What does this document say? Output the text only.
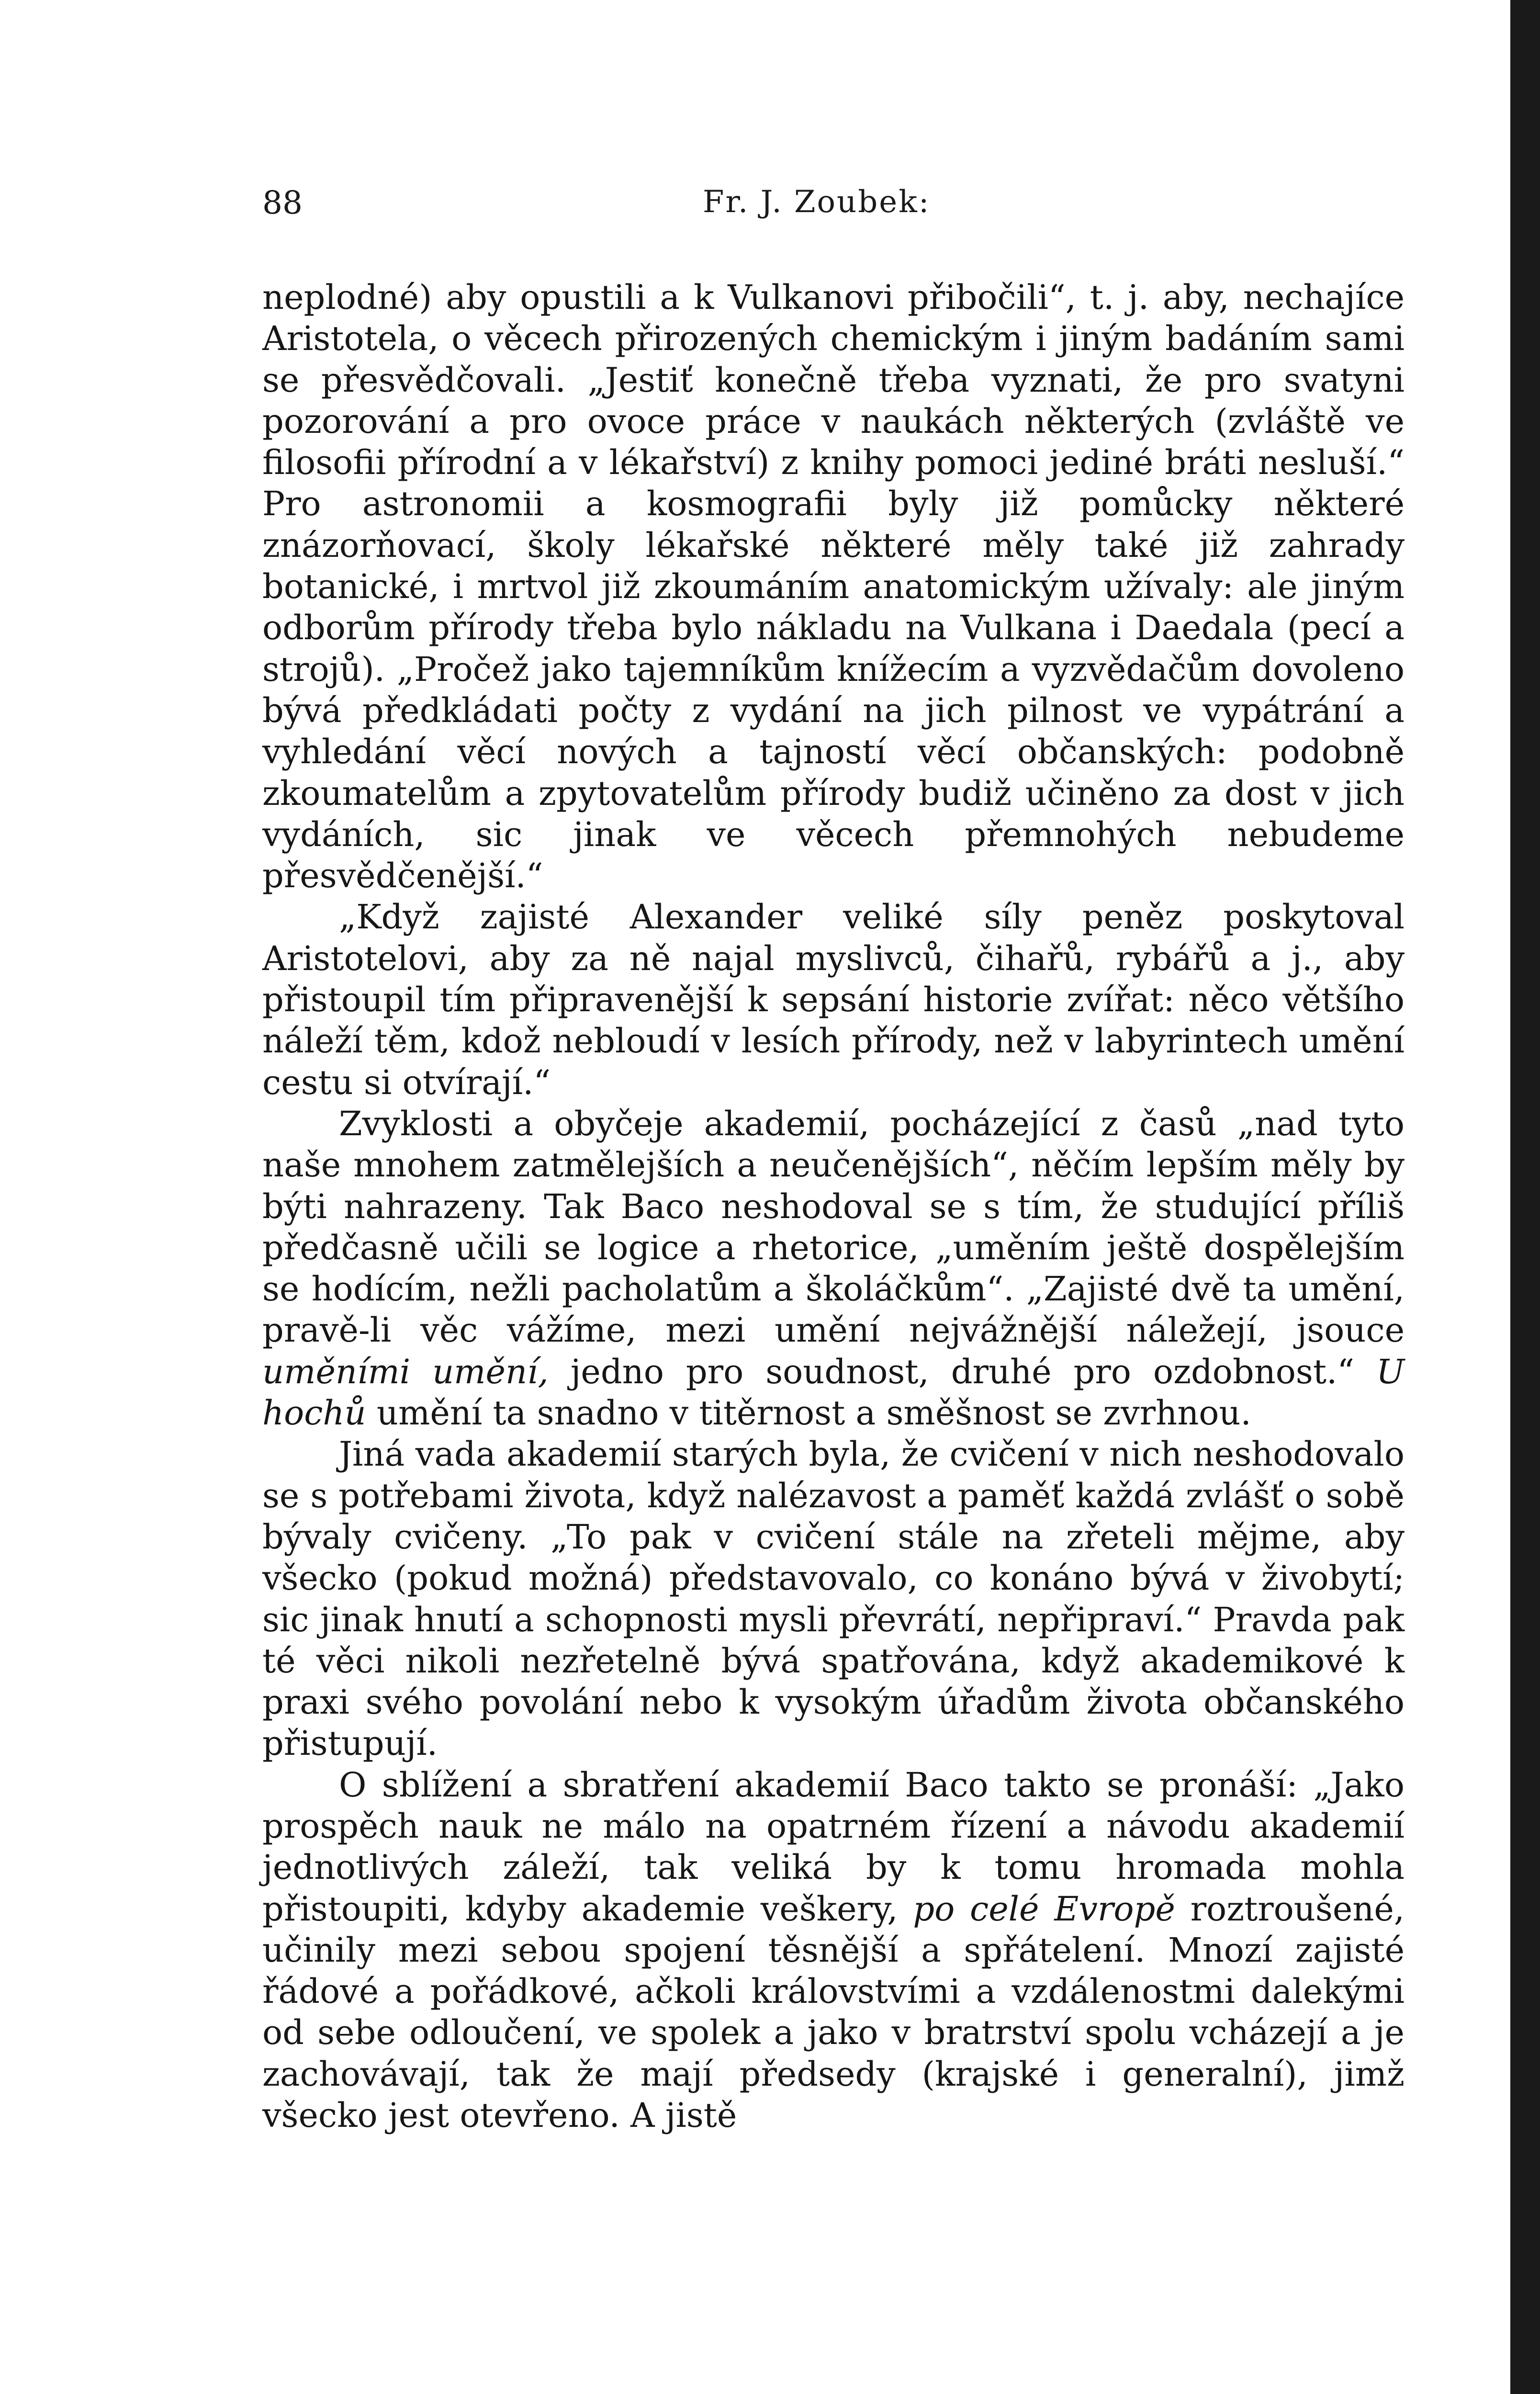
88	Fr. J. Zoubek:

neplodné) aby opustili a k Vulkanovi přibočili“, t. j. aby, nechajíce Aristotela, o věcech přirozených chemickým i jiným badáním sami se přesvědčovali. „Jestiť konečně třeba vyznati, že pro svatyni pozorování a pro ovoce práce v naukách některých (zvláště ve filosofii přírodní a v lékařství) z knihy pomoci jediné bráti nesluší.“ Pro astronomii a kosmografii byly již pomůcky některé znázorňovací, školy lékařské některé měly také již zahrady botanické, i mrtvol již zkoumáním anatomickým užívaly: ale jiným odborům přírody třeba bylo nákladu na Vulkana i Daedala (pecí a strojů). „Pročež jako tajemníkům knížecím a vyzvědačům dovoleno bývá předkládati počty z vydání na jich pilnost ve vypátrání a vyhledání věcí nových a tajností věcí občanských: podobně zkoumatelům a zpytovatelům přírody budiž učiněno za dost v jich vydáních, sic jinak ve věcech přemnohých nebudeme přesvědčenější.“

„Když zajisté Alexander veliké síly peněz poskytoval Aristotelovi, aby za ně najal myslivců, čihařů, rybářů a j., aby přistoupil tím připravenější k sepsání historie zvířat: něco většího náleží těm, kdož nebloudí v lesích přírody, než v labyrintech umění cestu si otvírají.“

Zvyklosti a obyčeje akademií, pocházející z časů „nad tyto naše mnohem zatmělejších a neučenějších“, něčím lepším měly by býti nahrazeny. Tak Baco neshodoval se s tím, že studující příliš předčasně učili se logice a rhetorice, „uměním ještě dospělejším se hodícím, nežli pacholatům a školáčkům“. „Zajisté dvě ta umění, pravě-li věc vážíme, mezi umění nejvážnější náležejí, jsouce uměními umění, jedno pro soudnost, druhé pro ozdobnost.“ U hochů umění ta snadno v titěrnost a směšnost se zvrhnou.

Jiná vada akademií starých byla, že cvičení v nich neshodovalo se s potřebami života, když nalézavost a paměť každá zvlášť o sobě bývaly cvičeny. „To pak v cvičení stále na zřeteli mějme, aby všecko (pokud možná) představovalo, co konáno bývá v živobytí; sic jinak hnutí a schopnosti mysli převrátí, nepřipraví.“ Pravda pak té věci nikoli nezřetelně bývá spatřována, když akademikové k praxi svého povolání nebo k vysokým úřadům života občanského přistupují.

O sblížení a sbratření akademií Baco takto se pronáší: „Jako prospěch nauk ne málo na opatrném řízení a návodu akademií jednotlivých záleží, tak veliká by k tomu hromada mohla přistoupiti, kdyby akademie veškery, po celé Evropě roztroušené, učinily mezi sebou spojení těsnější a spřátelení. Mnozí zajisté řádové a pořádkové, ačkoli královstvími a vzdálenostmi dalekými od sebe odloučení, ve spolek a jako v bratrství spolu vcházejí a je zachovávají, tak že mají předsedy (krajské i generalní), jimž všecko jest otevřeno. A jistě
